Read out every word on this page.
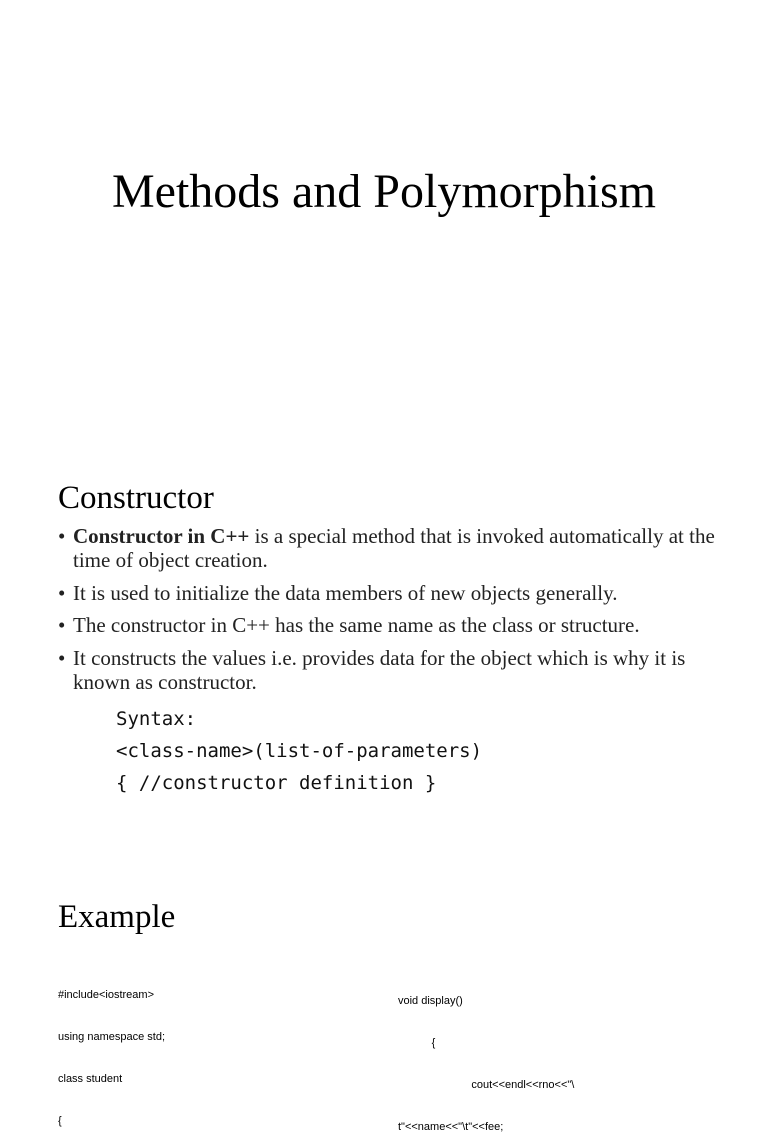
Methods and Polymorphism
Constructor
• Constructor in C++ is a special method that is invoked automatically at the time of object creation.
• It is used to initialize the data members of new objects generally.
• The constructor in C++ has the same name as the class or structure.
• It constructs the values i.e. provides data for the object which is why it is known as constructor.
Syntax:
<class-name>(list-of-parameters)
{ //constructor definition }
Example

#include<iostream>

using namespace std;

class student

{

void display()

{

cout<<endl<<rno<<"\

t"<<name<<"\t"<<fee;
